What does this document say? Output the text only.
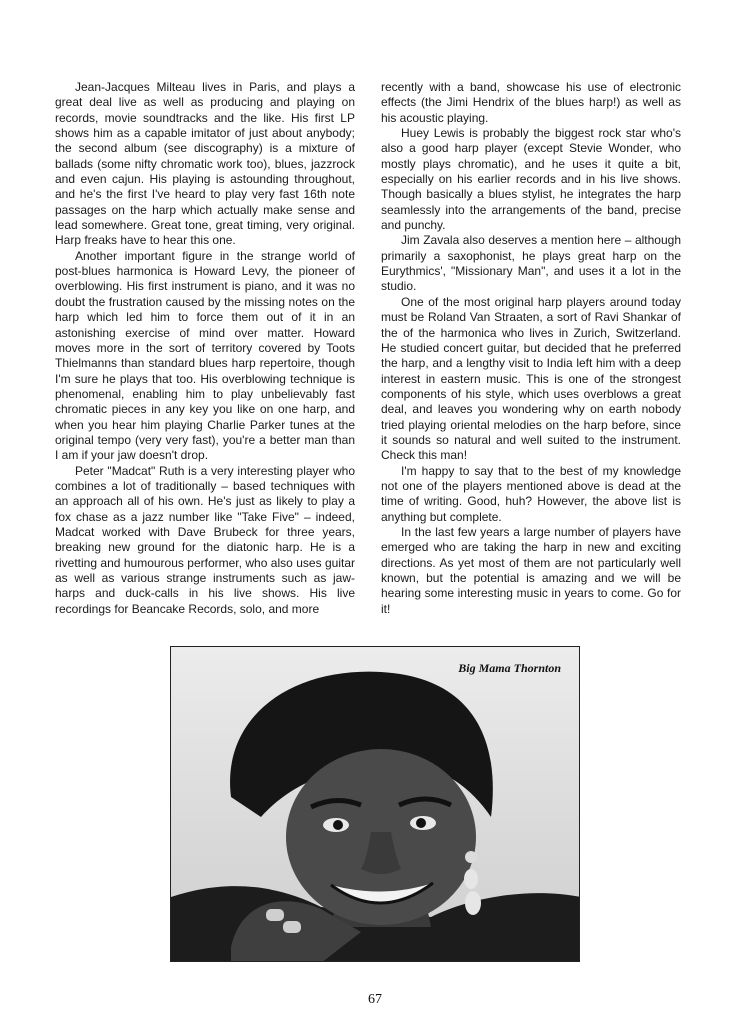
Jean-Jacques Milteau lives in Paris, and plays a great deal live as well as producing and playing on records, movie soundtracks and the like. His first LP shows him as a capable imitator of just about anybody; the second album (see discography) is a mixture of ballads (some nifty chromatic work too), blues, jazzrock and even cajun. His playing is astounding throughout, and he's the first I've heard to play very fast 16th note passages on the harp which actually make sense and lead somewhere. Great tone, great timing, very original. Harp freaks have to hear this one.

Another important figure in the strange world of post-blues harmonica is Howard Levy, the pioneer of overblowing. His first instrument is piano, and it was no doubt the frustration caused by the missing notes on the harp which led him to force them out of it in an astonishing exercise of mind over matter. Howard moves more in the sort of territory covered by Toots Thielmanns than standard blues harp repertoire, though I'm sure he plays that too. His overblowing technique is phenomenal, enabling him to play unbelievably fast chromatic pieces in any key you like on one harp, and when you hear him playing Charlie Parker tunes at the original tempo (very very fast), you're a better man than I am if your jaw doesn't drop.

Peter "Madcat" Ruth is a very interesting player who combines a lot of traditionally – based techniques with an approach all of his own. He's just as likely to play a fox chase as a jazz number like "Take Five" – indeed, Madcat worked with Dave Brubeck for three years, breaking new ground for the diatonic harp. He is a rivetting and humourous performer, who also uses guitar as well as various strange instruments such as jaw-harps and duck-calls in his live shows. His live recordings for Beancake Records, solo, and more

recently with a band, showcase his use of electronic effects (the Jimi Hendrix of the blues harp!) as well as his acoustic playing.

Huey Lewis is probably the biggest rock star who's also a good harp player (except Stevie Wonder, who mostly plays chromatic), and he uses it quite a bit, especially on his earlier records and in his live shows. Though basically a blues stylist, he integrates the harp seamlessly into the arrangements of the band, precise and punchy.

Jim Zavala also deserves a mention here – although primarily a saxophonist, he plays great harp on the Eurythmics', "Missionary Man", and uses it a lot in the studio.

One of the most original harp players around today must be Roland Van Straaten, a sort of Ravi Shankar of the of the harmonica who lives in Zurich, Switzerland. He studied concert guitar, but decided that he preferred the harp, and a lengthy visit to India left him with a deep interest in eastern music. This is one of the strongest components of his style, which uses overblows a great deal, and leaves you wondering why on earth nobody tried playing oriental melodies on the harp before, since it sounds so natural and well suited to the instrument. Check this man!

I'm happy to say that to the best of my knowledge not one of the players mentioned above is dead at the time of writing. Good, huh? However, the above list is anything but complete.

In the last few years a large number of players have emerged who are taking the harp in new and exciting directions. As yet most of them are not particularly well known, but the potential is amazing and we will be hearing some interesting music in years to come. Go for it!

Big Mama Thornton
67
